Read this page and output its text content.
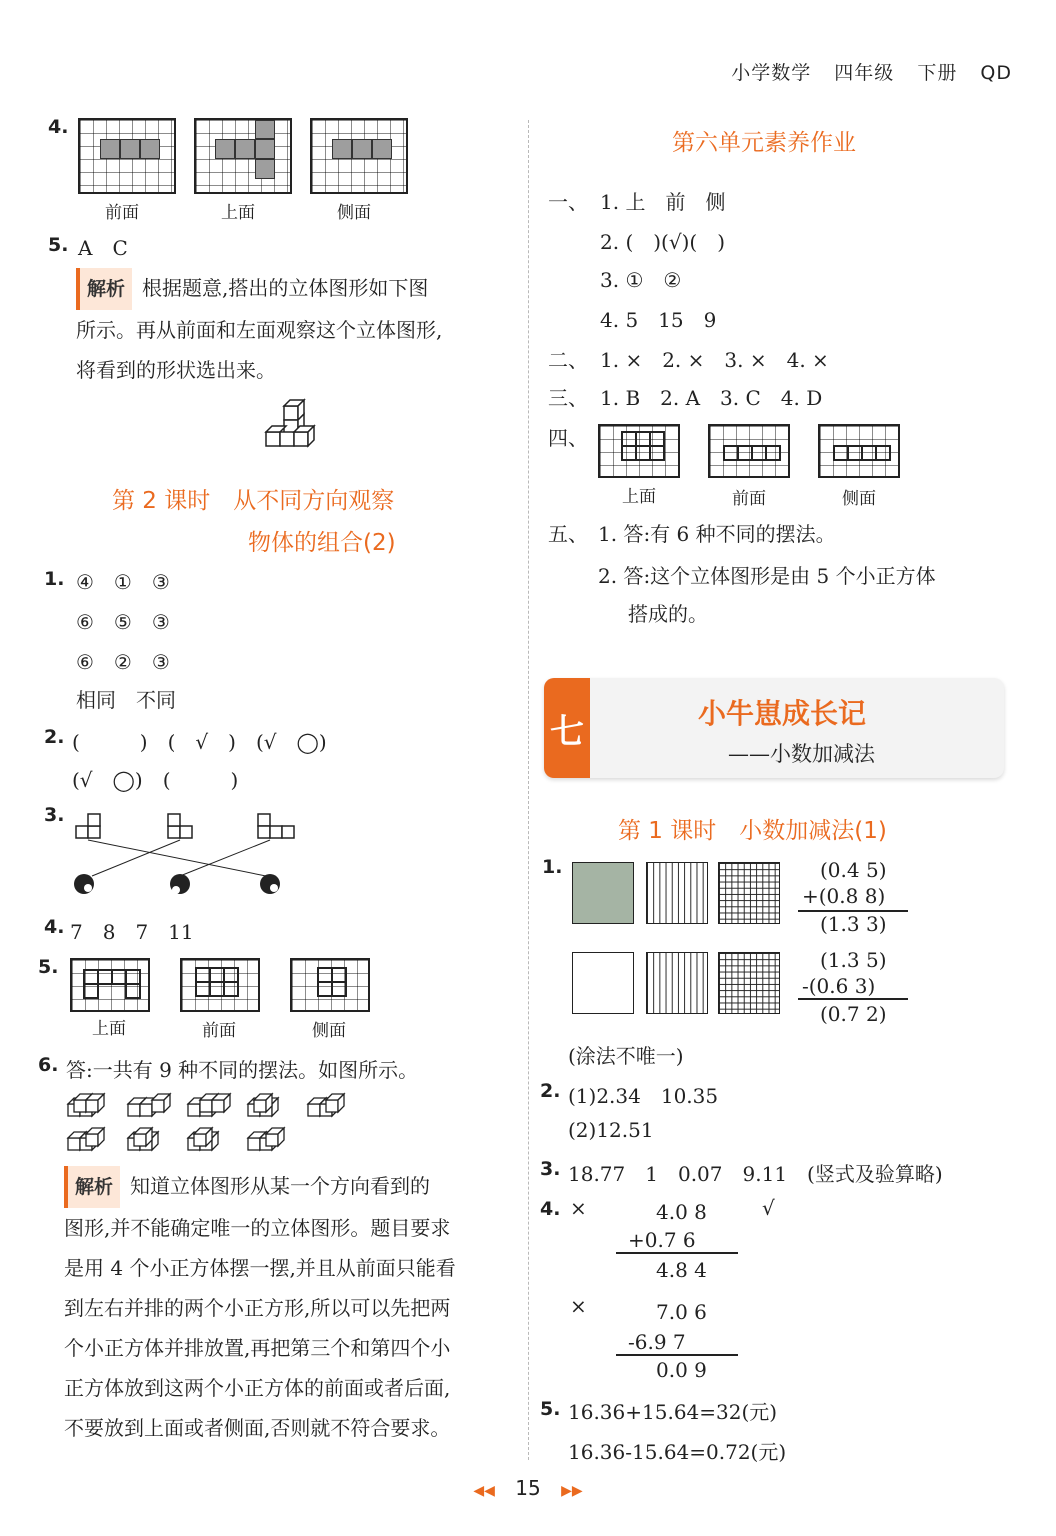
小学数学 四年级 下册 QD
4.
前面	上面	侧面
5. A　C
解析 根据题意,搭出的立体图形如下图
所示。再从前面和左面观察这个立体图形,
将看到的形状选出来。
第 2 课时　从不同方向观察
物体的组合(2)
1. ④　①　③
⑥　⑤　③
⑥　②　③
相同　不同
2. (　　　)　(　√　)　(√　◯)
(√　◯)　(　　　)
3.
4. 7　8　7　11
5.
上面	前面	侧面
6. 答:一共有 9 种不同的摆法。如图所示。
解析 知道立体图形从某一个方向看到的
图形,并不能确定唯一的立体图形。题目要求
是用 4 个小正方体摆一摆,并且从前面只能看
到左右并排的两个小正方形,所以可以先把两
个小正方体并排放置,再把第三个和第四个小
正方体放到这两个小正方体的前面或者后面,
不要放到上面或者侧面,否则就不符合要求。
第六单元素养作业
一、 1. 上　前　侧
2. (　)(√)(　)
3. ①　②
4. 5　15　9
二、 1. ×　2. ×　3. ×　4. ×
三、 1. B　2. A　3. C　4. D
四、
上面	前面	侧面
五、 1. 答:有 6 种不同的摆法。
2. 答:这个立体图形是由 5 个小正方体
搭成的。
七	小牛崽成长记
——小数加减法
第 1 课时　小数加减法(1)
1.	(0.4 5)
+(0.8 8)
(1.3 3)
(1.3 5)
-(0.6 3)
(0.7 2)
(涂法不唯一)
2. (1)2.34　10.35
(2)12.51
3. 18.77　1　0.07　9.11　(竖式及验算略)
4. ×	4.0 8	√
+0.7 6
4.8 4
×	7.0 6
-6.9 7
0.0 9
5. 16.36+15.64=32(元)
16.36-15.64=0.72(元)
◀◀ 15 ▶▶
